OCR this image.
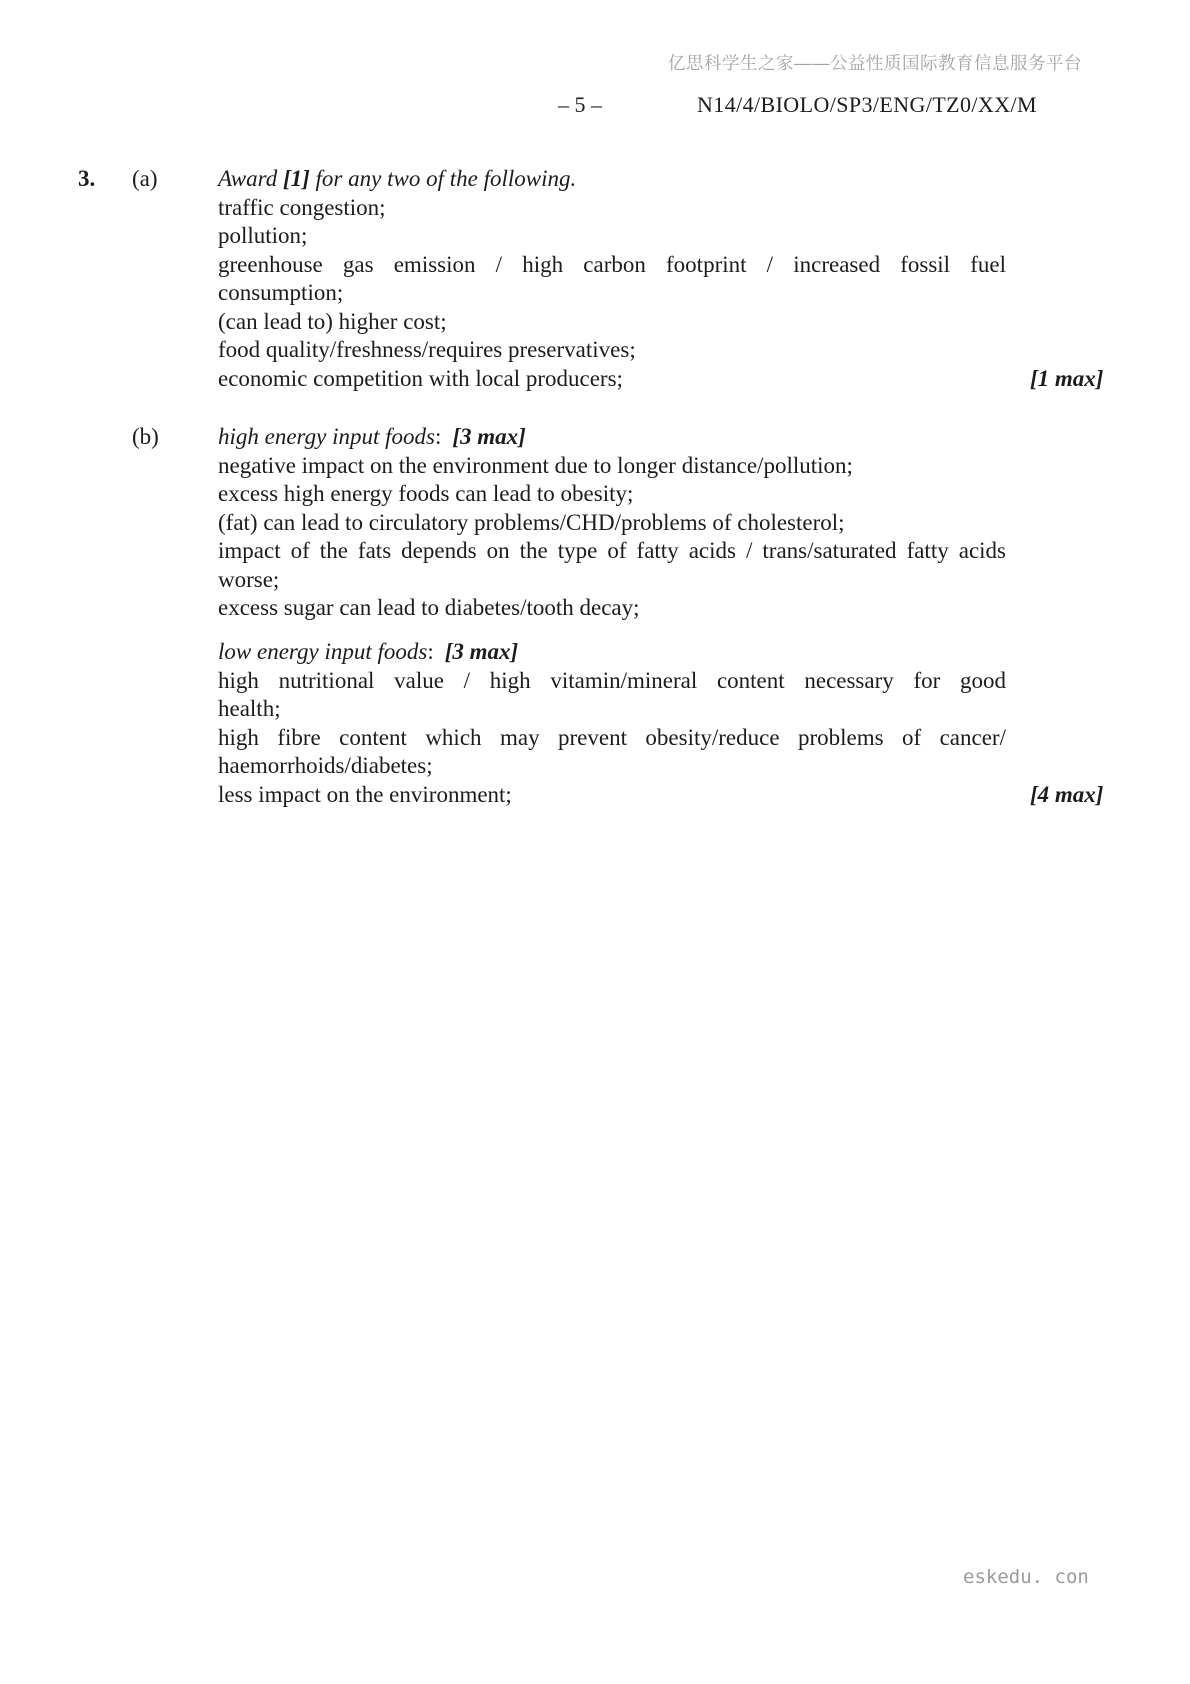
亿思科学生之家——公益性质国际教育信息服务平台
– 5 –	N14/4/BIOLO/SP3/ENG/TZ0/XX/M
3. (a)
(b)
Award [1] for any two of the following.
traffic congestion;
pollution;
greenhouse gas emission / high carbon footprint / increased fossil fuel
consumption;
(can lead to) higher cost;
food quality/freshness/requires preservatives;
economic competition with local producers;	[1 max]
high energy input foods: [3 max]
negative impact on the environment due to longer distance/pollution;
excess high energy foods can lead to obesity;
(fat) can lead to circulatory problems/CHD/problems of cholesterol;
impact of the fats depends on the type of fatty acids / trans/saturated fatty acids
worse;
excess sugar can lead to diabetes/tooth decay;
low energy input foods: [3 max]
high nutritional value / high vitamin/mineral content necessary for good
health;
high fibre content which may prevent obesity/reduce problems of cancer/
haemorrhoids/diabetes;
less impact on the environment;	[4 max]
eskedu. con
